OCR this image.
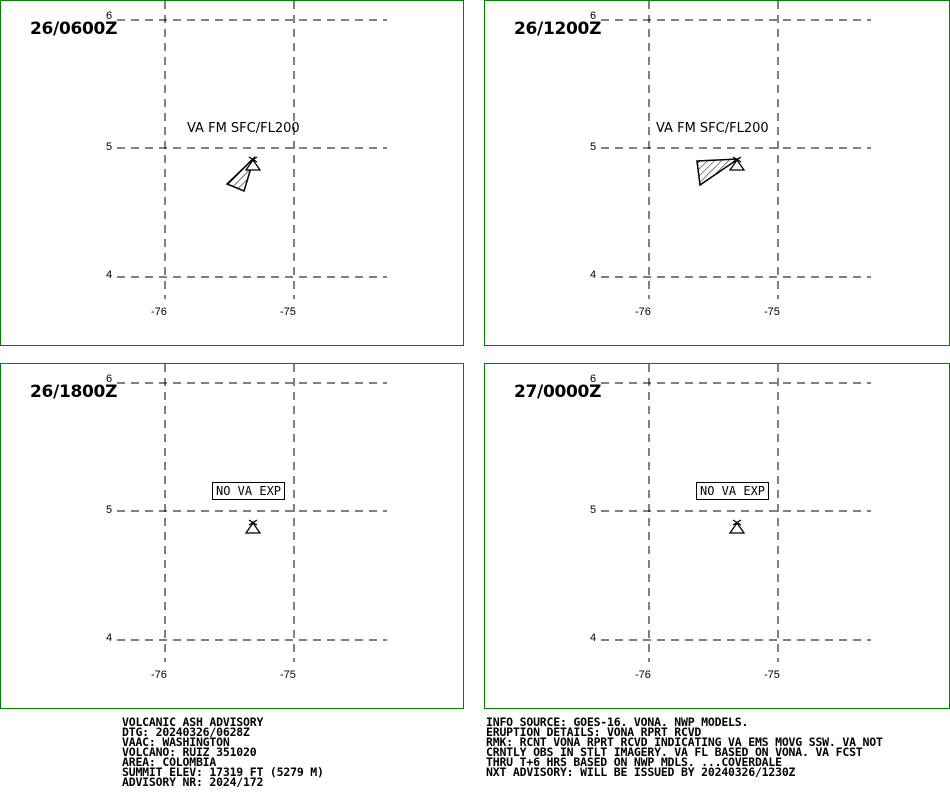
26/0600Z
6
5
4
-76	-75
VA FM SFC/FL200
26/1200Z
6
5
4
-76	-75
VA FM SFC/FL200
26/1800Z
6
5
4
-76	-75
NO VA EXP
27/0000Z
6
5
4
-76	-75
NO VA EXP
VOLCANIC ASH ADVISORY
DTG: 20240326/0628Z
VAAC: WASHINGTON
VOLCANO: RUIZ 351020
AREA: COLOMBIA
SUMMIT ELEV: 17319 FT (5279 M)
ADVISORY NR: 2024/172
INFO SOURCE: GOES-16. VONA. NWP MODELS.
ERUPTION DETAILS: VONA RPRT RCVD
RMK: RCNT VONA RPRT RCVD INDICATING VA EMS MOVG SSW. VA NOT
CRNTLY OBS IN STLT IMAGERY. VA FL BASED ON VONA. VA FCST
THRU T+6 HRS BASED ON NWP MDLS. ...COVERDALE
NXT ADVISORY: WILL BE ISSUED BY 20240326/1230Z
